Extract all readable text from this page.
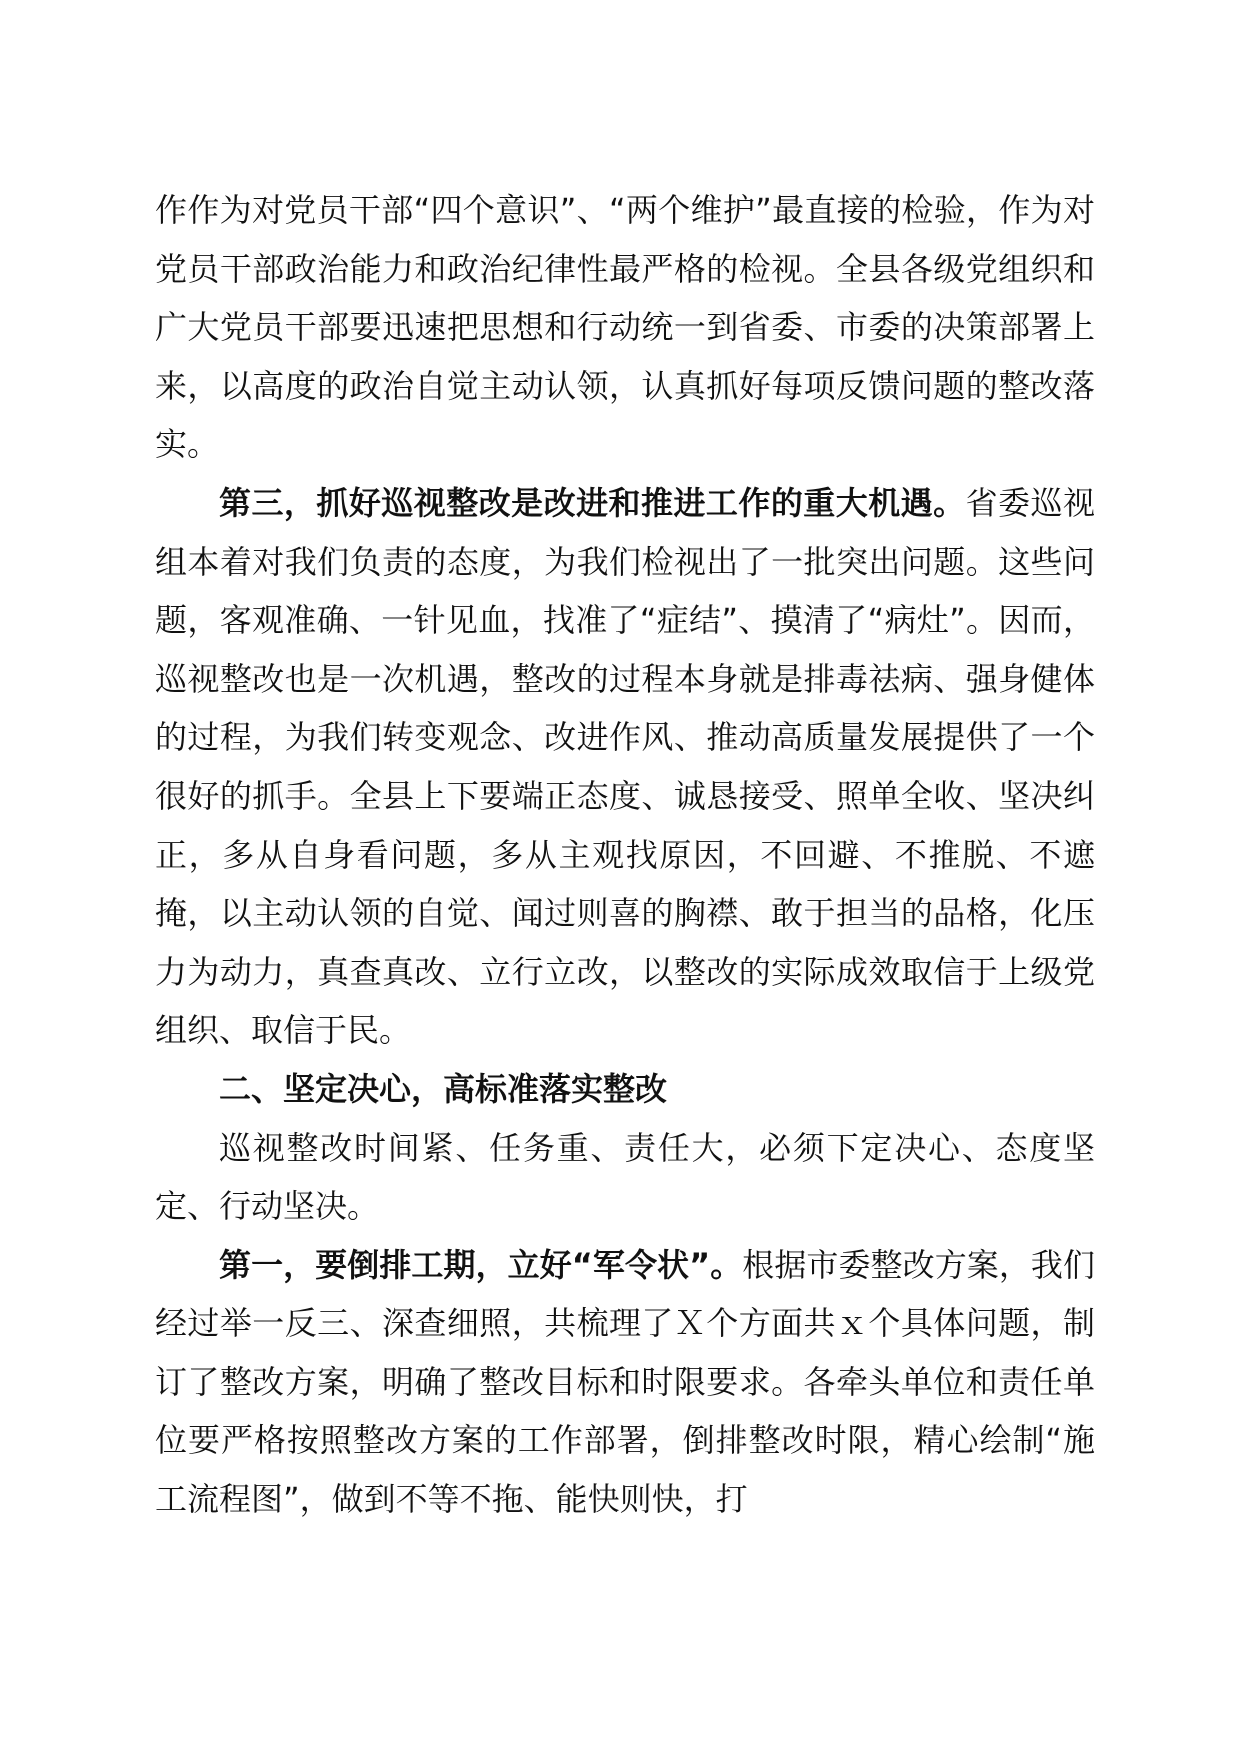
作作为对党员干部“四个意识”、“两个维护”最直接的检验，作为对党员干部政治能力和政治纪律性最严格的检视。全县各级党组织和广大党员干部要迅速把思想和行动统一到省委、市委的决策部署上来，以高度的政治自觉主动认领，认真抓好每项反馈问题的整改落实。

第三，抓好巡视整改是改进和推进工作的重大机遇。省委巡视组本着对我们负责的态度，为我们检视出了一批突出问题。这些问题，客观准确、一针见血，找准了“症结”、摸清了“病灶”。因而，巡视整改也是一次机遇，整改的过程本身就是排毒祛病、强身健体的过程，为我们转变观念、改进作风、推动高质量发展提供了一个很好的抓手。全县上下要端正态度、诚恳接受、照单全收、坚决纠正，多从自身看问题，多从主观找原因，不回避、不推脱、不遮掩，以主动认领的自觉、闻过则喜的胸襟、敢于担当的品格，化压力为动力，真查真改、立行立改，以整改的实际成效取信于上级党组织、取信于民。

二、坚定决心，高标准落实整改

巡视整改时间紧、任务重、责任大，必须下定决心、态度坚定、行动坚决。

第一，要倒排工期，立好“军令状”。根据市委整改方案，我们经过举一反三、深查细照，共梳理了Ｘ个方面共ｘ个具体问题，制订了整改方案，明确了整改目标和时限要求。各牵头单位和责任单位要严格按照整改方案的工作部署，倒排整改时限，精心绘制“施工流程图”，做到不等不拖、能快则快，打
